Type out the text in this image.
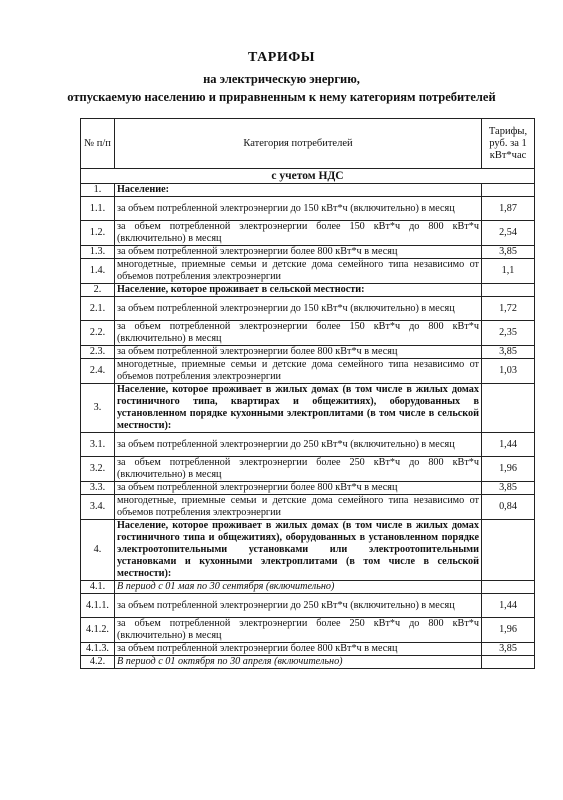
ТАРИФЫ
на электрическую энергию,
отпускаемую населению и приравненным к нему категориям потребителей
№ п/п	Категория потребителей	Тарифы, руб. за 1 кВт*час
с учетом НДС		
1.	Население:	
1.1.	за объем потребленной электроэнергии до 150 кВт*ч (включительно) в месяц	1,87
1.2.	за объем потребленной электроэнергии более 150 кВт*ч до 800 кВт*ч (включительно) в месяц	2,54
1.3.	за объем потребленной электроэнергии более 800 кВт*ч в месяц	3,85
1.4.	многодетные, приемные семьи и детские дома семейного типа независимо от объемов потребления электроэнергии	1,1
2.	Население, которое проживает в сельской местности:	
2.1.	за объем потребленной электроэнергии до 150 кВт*ч (включительно) в месяц	1,72
2.2.	за объем потребленной электроэнергии более 150 кВт*ч до 800 кВт*ч (включительно) в месяц	2,35
2.3.	за объем потребленной электроэнергии более 800 кВт*ч в месяц	3,85
2.4.	многодетные, приемные семьи и детские дома семейного типа независимо от объемов потребления электроэнергии	1,03
3.	Население, которое проживает в жилых домах (в том числе в жилых домах гостиничного типа, квартирах и общежитиях), оборудованных в установленном порядке кухонными электроплитами (в том числе в сельской местности):	
3.1.	за объем потребленной электроэнергии до 250 кВт*ч (включительно) в месяц	1,44
3.2.	за объем потребленной электроэнергии более 250 кВт*ч до 800 кВт*ч (включительно) в месяц	1,96
3.3.	за объем потребленной электроэнергии более 800 кВт*ч в месяц	3,85
3.4.	многодетные, приемные семьи и детские дома семейного типа независимо от объемов потребления электроэнергии	0,84
4.	Население, которое проживает в жилых домах (в том числе в жилых домах гостиничного типа и общежитиях), оборудованных в установленном порядке электроотопительными установками или электроотопительными установками и кухонными электроплитами (в том числе в сельской местности):	
4.1.	В период с 01 мая по 30 сентября (включительно)	
4.1.1.	за объем потребленной электроэнергии до 250 кВт*ч (включительно) в месяц	1,44
4.1.2.	за объем потребленной электроэнергии более 250 кВт*ч до 800 кВт*ч (включительно) в месяц	1,96
4.1.3.	за объем потребленной электроэнергии более 800 кВт*ч в месяц	3,85
4.2.	В период с 01 октября по 30 апреля (включительно)	
